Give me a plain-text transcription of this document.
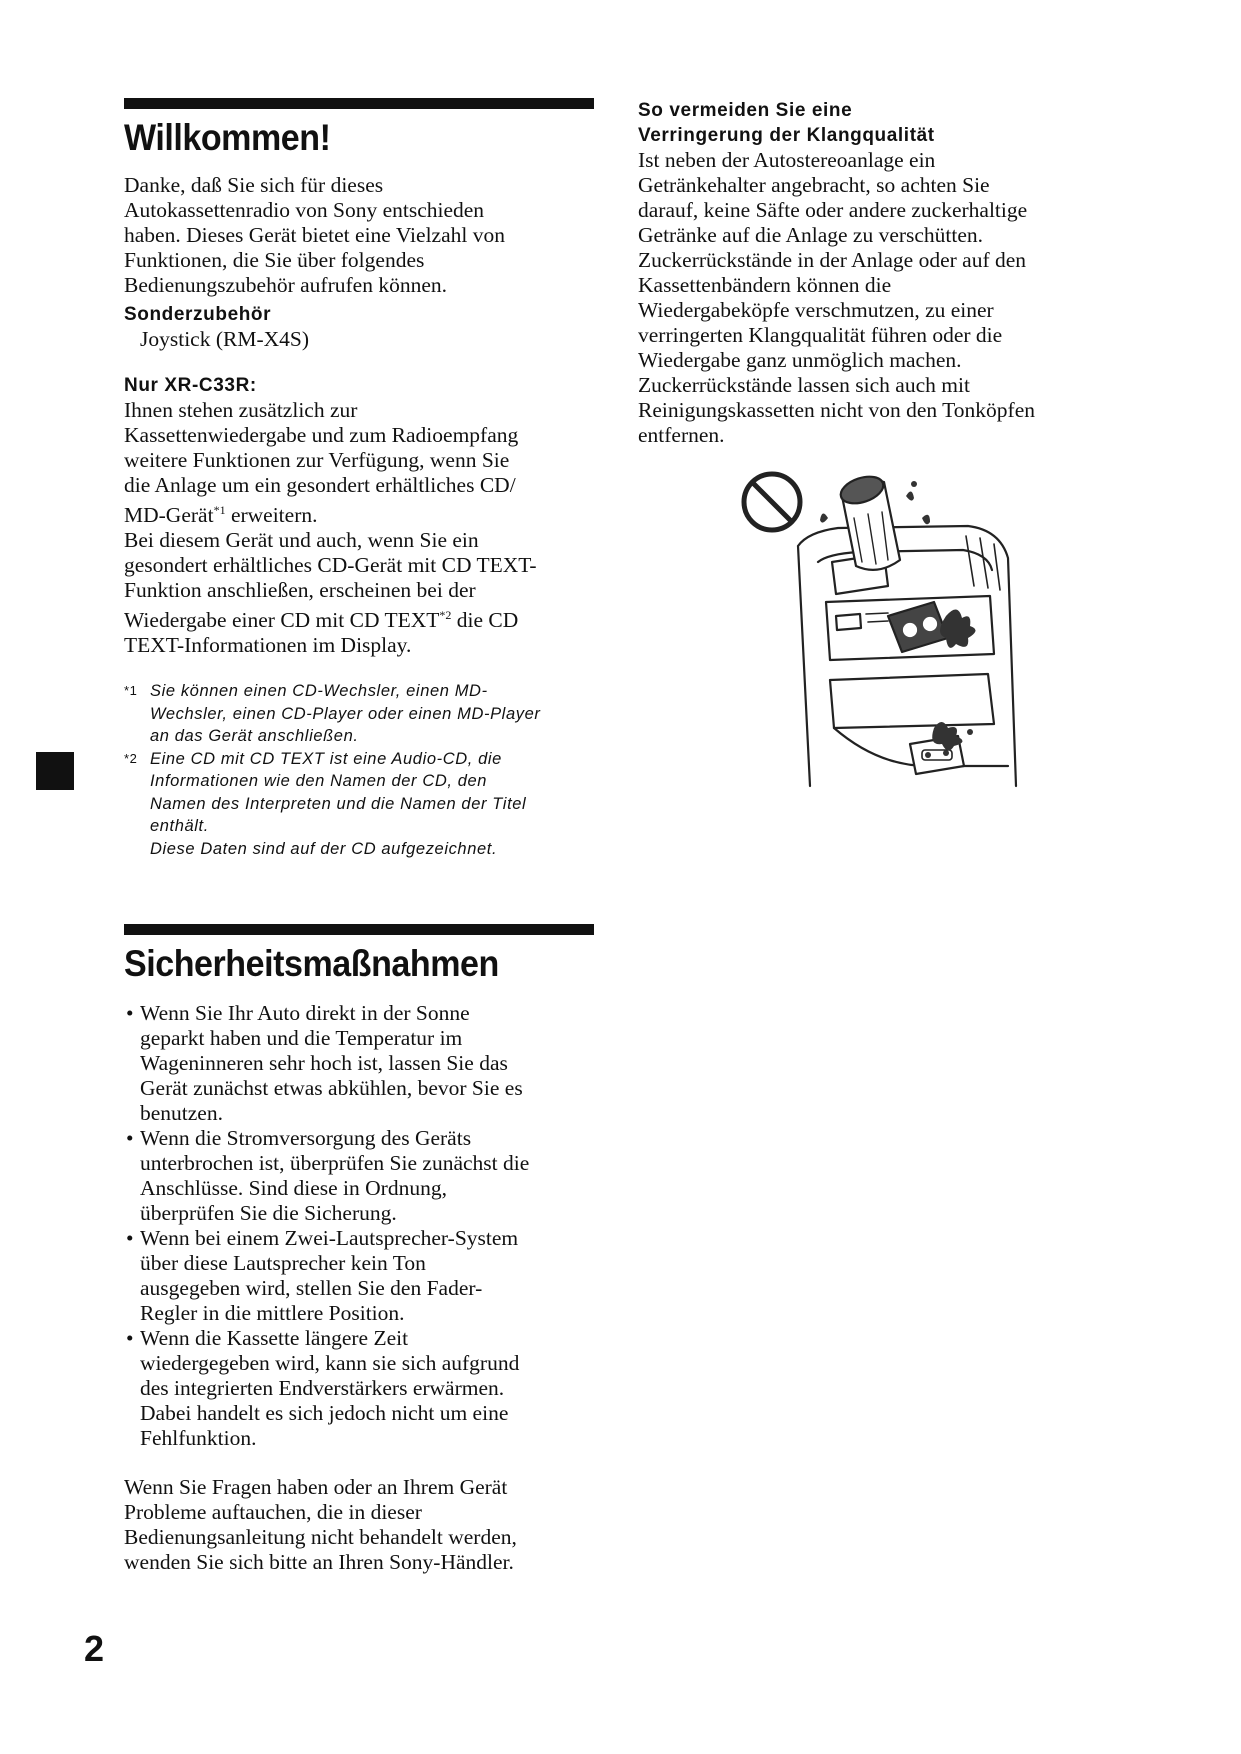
Willkommen!

Danke, daß Sie sich für dieses

Autokassettenradio von Sony entschieden

haben. Dieses Gerät bietet eine Vielzahl von

Funktionen, die Sie über folgendes

Bedienungszubehör aufrufen können.

Sonderzubehör

Joystick (RM-X4S)

Nur XR-C33R:

Ihnen stehen zusätzlich zur

Kassettenwiedergabe und zum Radioempfang

weitere Funktionen zur Verfügung, wenn Sie

die Anlage um ein gesondert erhältliches CD/

MD-Gerät$^{*1}$ erweitern.

Bei diesem Gerät und auch, wenn Sie ein

gesondert erhältliches CD-Gerät mit CD TEXT-

Funktion anschließen, erscheinen bei der

Wiedergabe einer CD mit CD TEXT$^{*2}$ die CD

TEXT-Informationen im Display.

*1 Sie können einen CD-Wechsler, einen MD-
Wechsler, einen CD-Player oder einen MD-Player
an das Gerät anschließen.
*2 Eine CD mit CD TEXT ist eine Audio-CD, die
Informationen wie den Namen der CD, den
Namen des Interpreten und die Namen der Titel
enthält.
Diese Daten sind auf der CD aufgezeichnet.
Sicherheitsmaßnahmen
• Wenn Sie Ihr Auto direkt in der Sonne
geparkt haben und die Temperatur im
Wageninneren sehr hoch ist, lassen Sie das
Gerät zunächst etwas abkühlen, bevor Sie es
benutzen.
• Wenn die Stromversorgung des Geräts
unterbrochen ist, überprüfen Sie zunächst die
Anschlüsse. Sind diese in Ordnung,
überprüfen Sie die Sicherung.
• Wenn bei einem Zwei-Lautsprecher-System
über diese Lautsprecher kein Ton
ausgegeben wird, stellen Sie den Fader-
Regler in die mittlere Position.
• Wenn die Kassette längere Zeit
wiedergegeben wird, kann sie sich aufgrund
des integrierten Endverstärkers erwärmen.
Dabei handelt es sich jedoch nicht um eine
Fehlfunktion.

Wenn Sie Fragen haben oder an Ihrem Gerät

Probleme auftauchen, die in dieser

Bedienungsanleitung nicht behandelt werden,

wenden Sie sich bitte an Ihren Sony-Händler.

So vermeiden Sie eine
Verringerung der Klangqualität

Ist neben der Autostereoanlage ein

Getränkehalter angebracht, so achten Sie

darauf, keine Säfte oder andere zuckerhaltige

Getränke auf die Anlage zu verschütten.

Zuckerrückstände in der Anlage oder auf den

Kassettenbändern können die

Wiedergabeköpfe verschmutzen, zu einer

verringerten Klangqualität führen oder die

Wiedergabe ganz unmöglich machen.

Zuckerrückstände lassen sich auch mit

Reinigungskassetten nicht von den Tonköpfen

entfernen.

2
